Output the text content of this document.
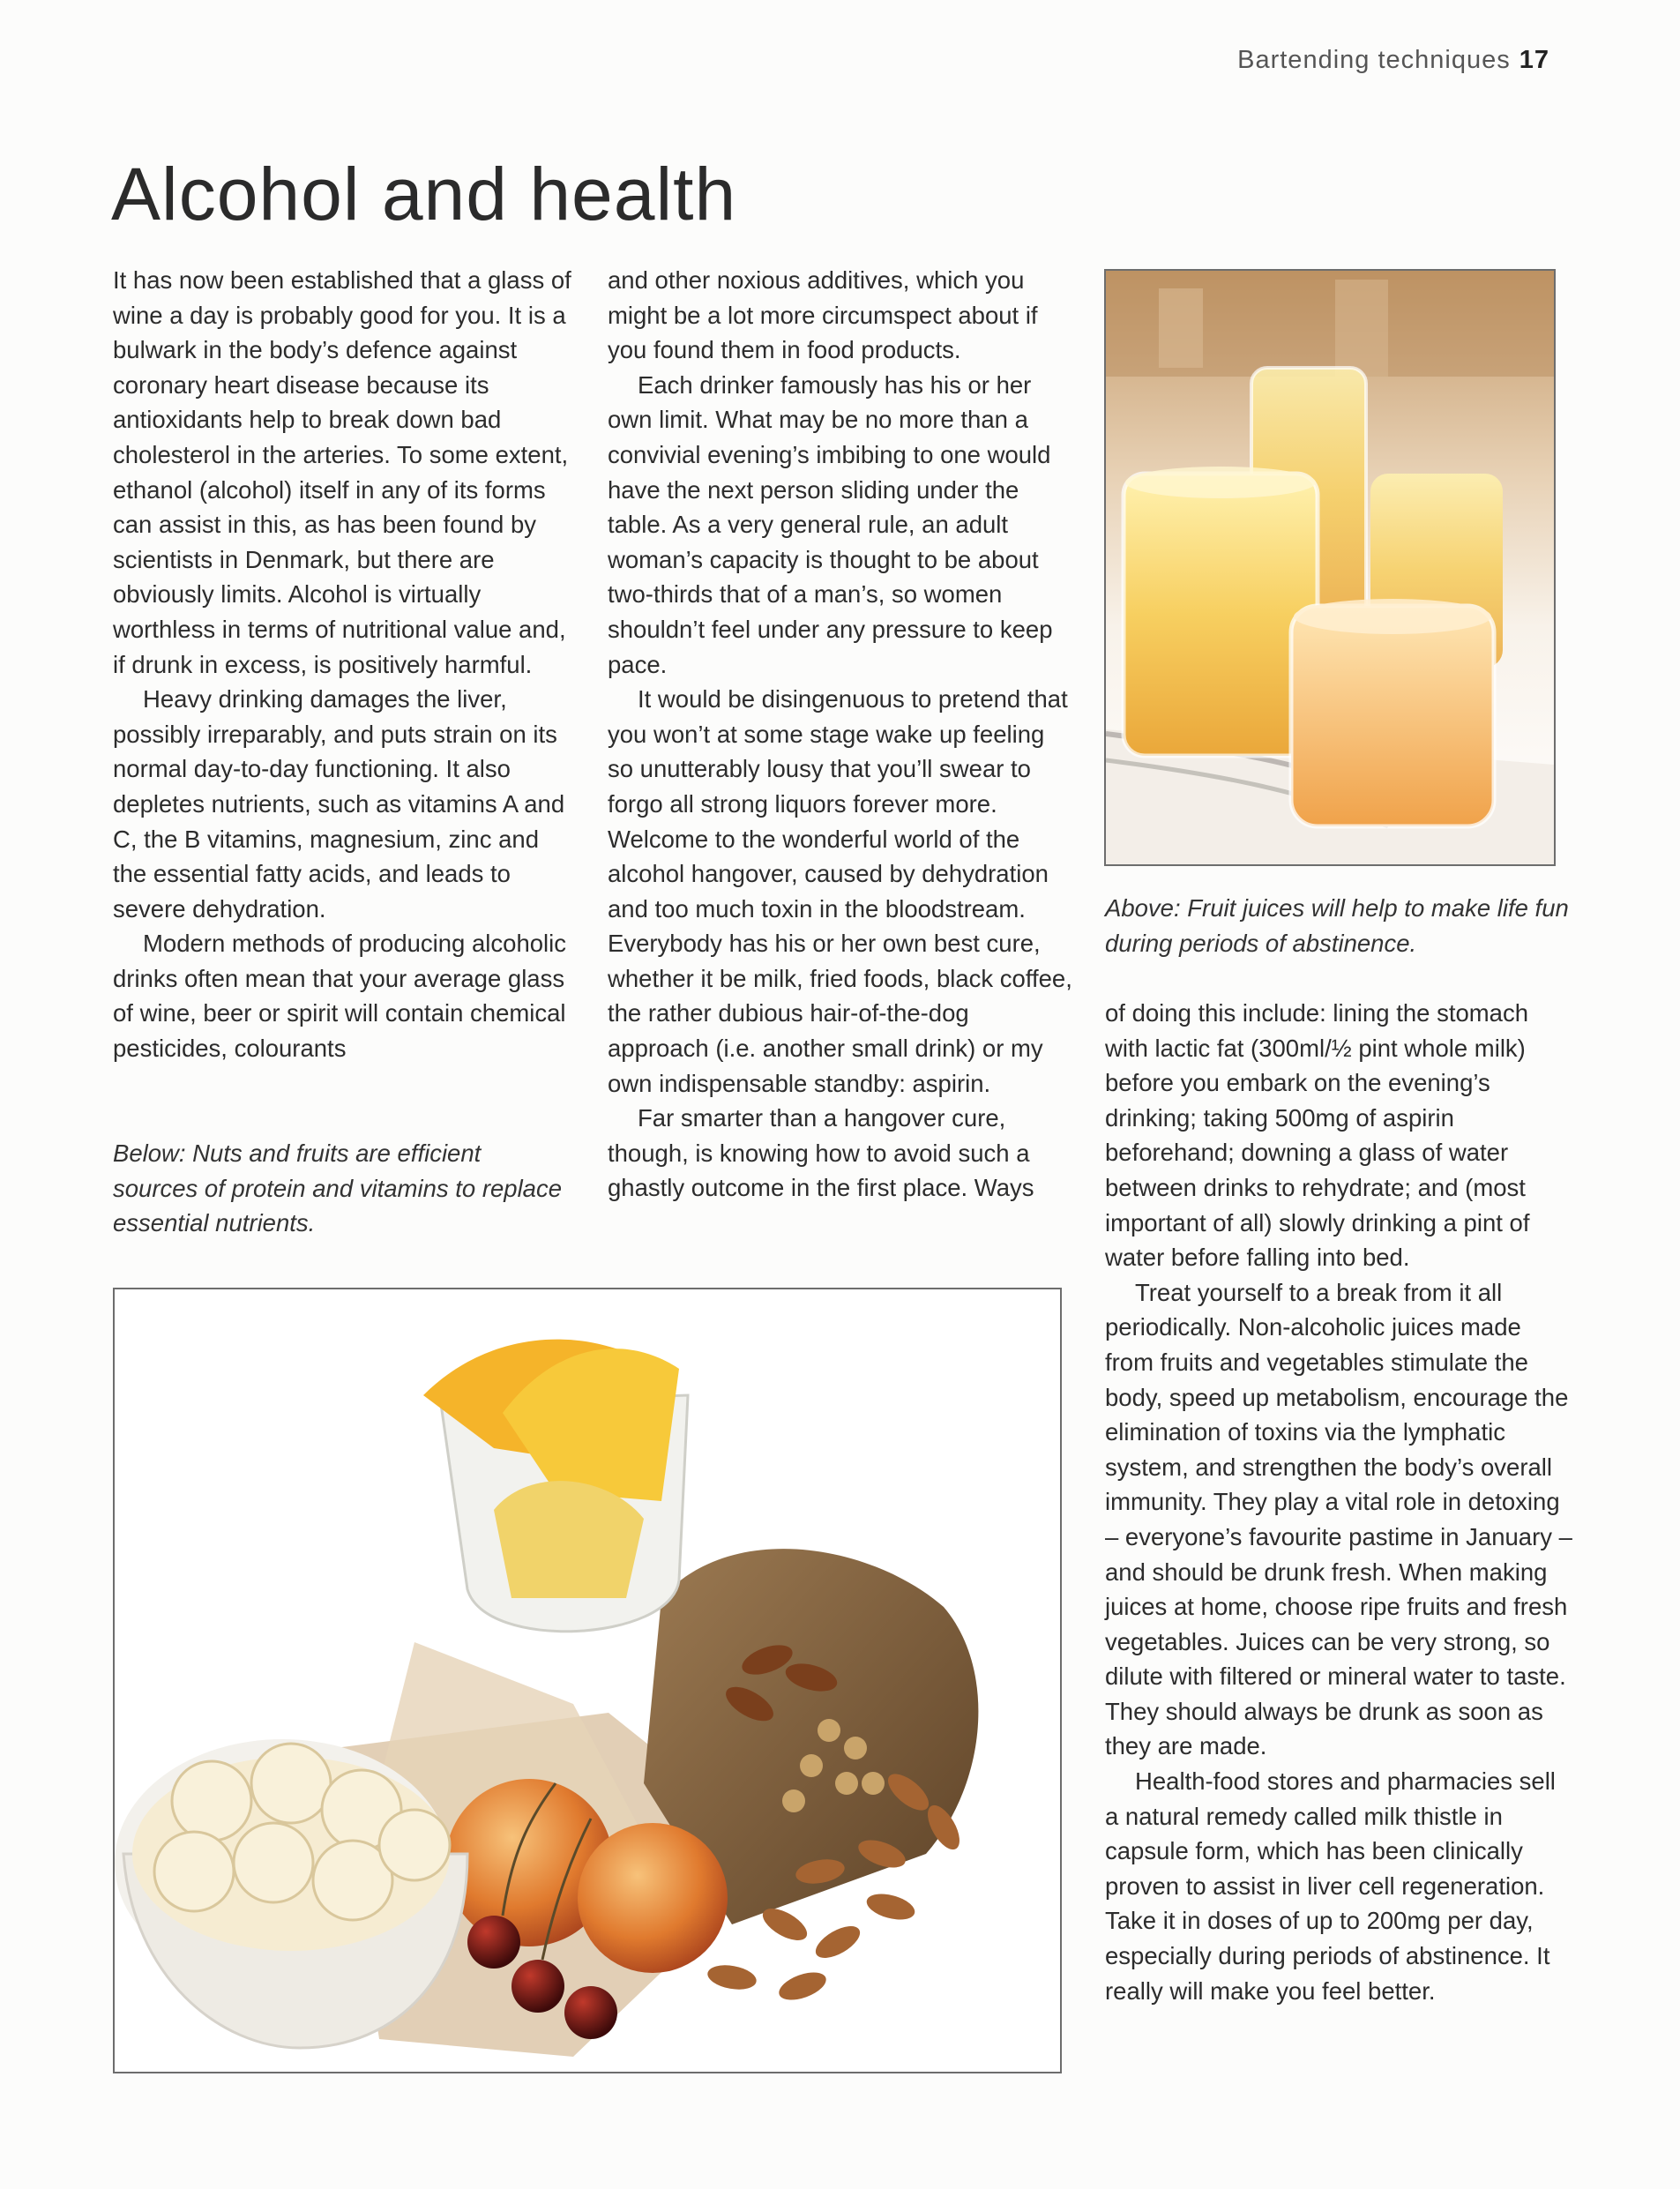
Bartending techniques 17
Alcohol and health

It has now been established that a glass of wine a day is probably good for you. It is a bulwark in the body’s defence against coronary heart disease because its antioxidants help to break down bad cholesterol in the arteries. To some extent, ethanol (alcohol) itself in any of its forms can assist in this, as has been found by scientists in Denmark, but there are obviously limits. Alcohol is virtually worthless in terms of nutritional value and, if drunk in excess, is positively harmful.

Heavy drinking damages the liver, possibly irreparably, and puts strain on its normal day-to-day functioning. It also depletes nutrients, such as vitamins A and C, the B vitamins, magnesium, zinc and the essential fatty acids, and leads to severe dehydration.

Modern methods of producing alcoholic drinks often mean that your average glass of wine, beer or spirit will contain chemical pesticides, colourants

Below: Nuts and fruits are efficient sources of protein and vitamins to replace essential nutrients.

and other noxious additives, which you might be a lot more circumspect about if you found them in food products.

Each drinker famously has his or her own limit. What may be no more than a convivial evening’s imbibing to one would have the next person sliding under the table. As a very general rule, an adult woman’s capacity is thought to be about two-thirds that of a man’s, so women shouldn’t feel under any pressure to keep pace.

It would be disingenuous to pretend that you won’t at some stage wake up feeling so unutterably lousy that you’ll swear to forgo all strong liquors forever more. Welcome to the wonderful world of the alcohol hangover, caused by dehydration and too much toxin in the bloodstream. Everybody has his or her own best cure, whether it be milk, fried foods, black coffee, the rather dubious hair-of-the-dog approach (i.e. another small drink) or my own indispensable standby: aspirin.

Far smarter than a hangover cure, though, is knowing how to avoid such a ghastly outcome in the first place. Ways

Above: Fruit juices will help to make life fun during periods of abstinence.

of doing this include: lining the stomach with lactic fat (300ml/½ pint whole milk) before you embark on the evening’s drinking; taking 500mg of aspirin beforehand; downing a glass of water between drinks to rehydrate; and (most important of all) slowly drinking a pint of water before falling into bed.

Treat yourself to a break from it all periodically. Non-alcoholic juices made from fruits and vegetables stimulate the body, speed up metabolism, encourage the elimination of toxins via the lymphatic system, and strengthen the body’s overall immunity. They play a vital role in detoxing – everyone’s favourite pastime in January – and should be drunk fresh. When making juices at home, choose ripe fruits and fresh vegetables. Juices can be very strong, so dilute with filtered or mineral water to taste. They should always be drunk as soon as they are made.

Health-food stores and pharmacies sell a natural remedy called milk thistle in capsule form, which has been clinically proven to assist in liver cell regeneration. Take it in doses of up to 200mg per day, especially during periods of abstinence. It really will make you feel better.
